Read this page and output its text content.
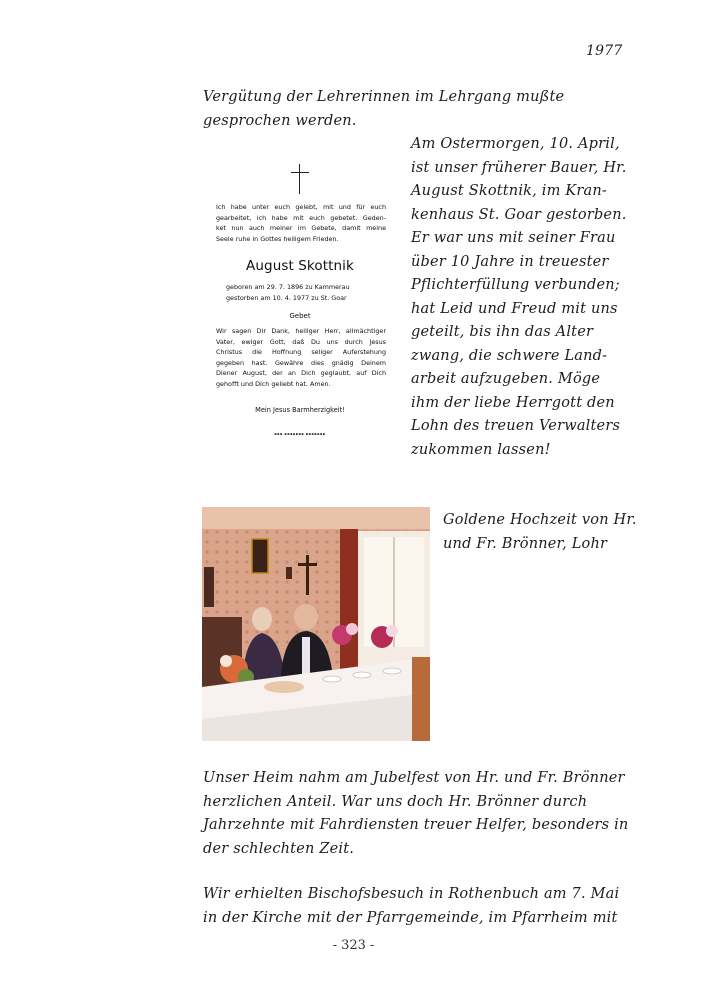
1977
Vergütung der Lehrerinnen im Lehrgang mußte
gesprochen werden.
Ich habe unter euch gelebt, mit und für euch
gearbeitet, ich habe mit euch gebetet. Geden-
ket nun auch meiner im Gebete, damit meine
Seele ruhe in Gottes heiligem Frieden.
August Skottnik
geboren am 29. 7. 1896 zu Kammerau
gestorben am 10. 4. 1977 zu St. Goar
Gebet
Wir sagen Dir Dank, heiliger Herr, allmächtiger
Vater, ewiger Gott, daß Du uns durch Jesus
Christus die Hoffnung seliger Auferstehung
gegeben hast. Gewähre dies gnädig Deinem
Diener August, der an Dich geglaubt, auf Dich
gehofft und Dich geliebt hat. Amen.
Mein Jesus Barmherzigkeit!
▪▪▪ ▪▪▪▪▪▪▪ ▪▪▪▪▪▪▪
Am Ostermorgen, 10. April,
ist unser früherer Bauer, Hr.
August Skottnik, im Kran-
kenhaus St. Goar gestorben.
Er war uns mit seiner Frau
über 10 Jahre in treuester
Pflichterfüllung verbunden;
hat Leid und Freud mit uns
geteilt, bis ihn das Alter
zwang, die schwere Land-
arbeit aufzugeben. Möge
ihm der liebe Herrgott den
Lohn des treuen Verwalters
zukommen lassen!
Goldene Hochzeit von Hr.
und Fr. Brönner, Lohr
Unser Heim nahm am Jubelfest von Hr. und Fr. Brönner
herzlichen Anteil. War uns doch Hr. Brönner durch
Jahrzehnte mit Fahrdiensten treuer Helfer, besonders in
der schlechten Zeit.
Wir erhielten Bischofsbesuch in Rothenbuch am 7. Mai
in der Kirche mit der Pfarrgemeinde, im Pfarrheim mit
- 323 -
